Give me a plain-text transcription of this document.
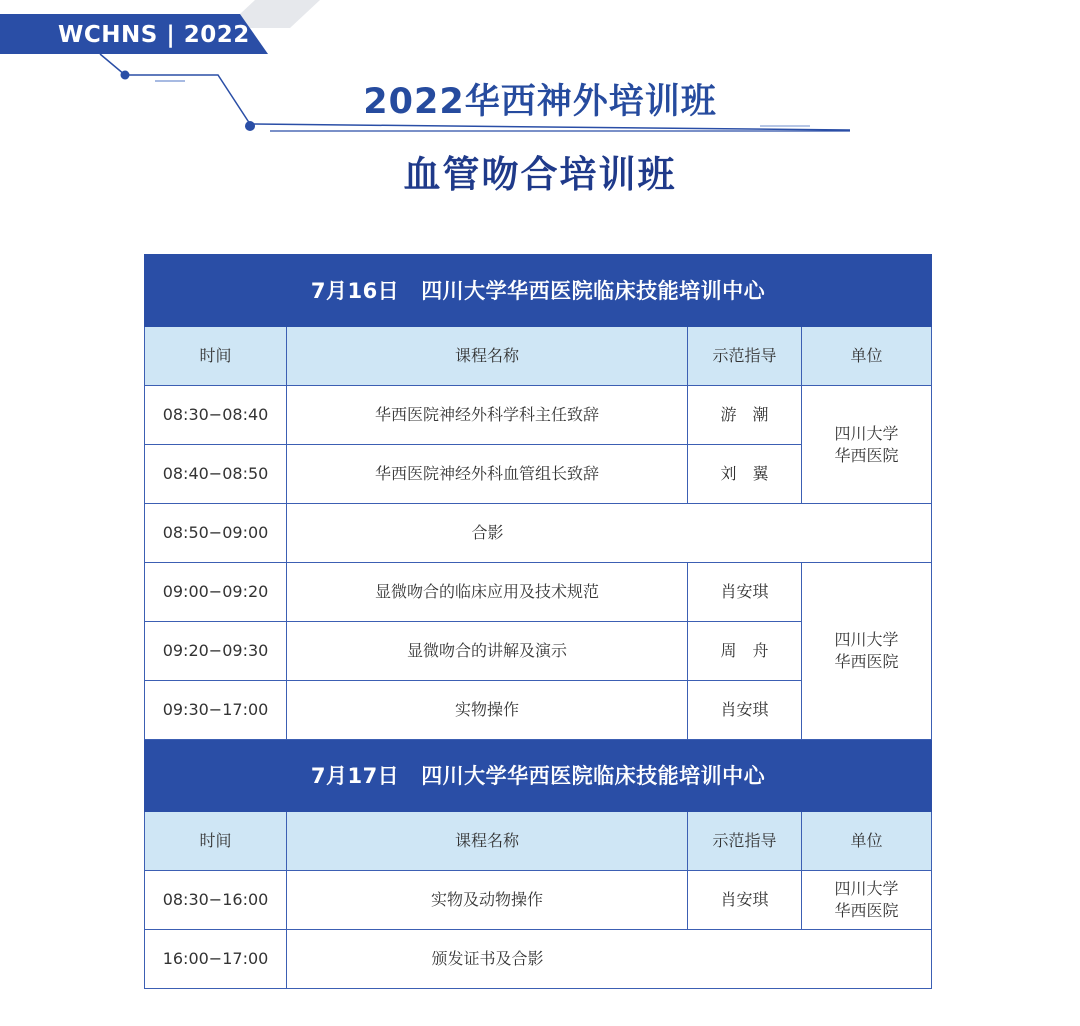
WCHNS | 2022
2022华西神外培训班
血管吻合培训班
7月16日 四川大学华西医院临床技能培训中心			
时间	课程名称	示范指导	单位
08:30−08:40	华西医院神经外科学科主任致辞	游　潮	四川大学
华西医院
08:40−08:50	华西医院神经外科血管组长致辞	刘　翼	
08:50−09:00	合影		
09:00−09:20	显微吻合的临床应用及技术规范	肖安琪	四川大学
华西医院
09:20−09:30	显微吻合的讲解及演示	周　舟	
09:30−17:00	实物操作	肖安琪	
7月17日 四川大学华西医院临床技能培训中心			
时间	课程名称	示范指导	单位
08:30−16:00	实物及动物操作	肖安琪	四川大学
华西医院
16:00−17:00	颁发证书及合影		
